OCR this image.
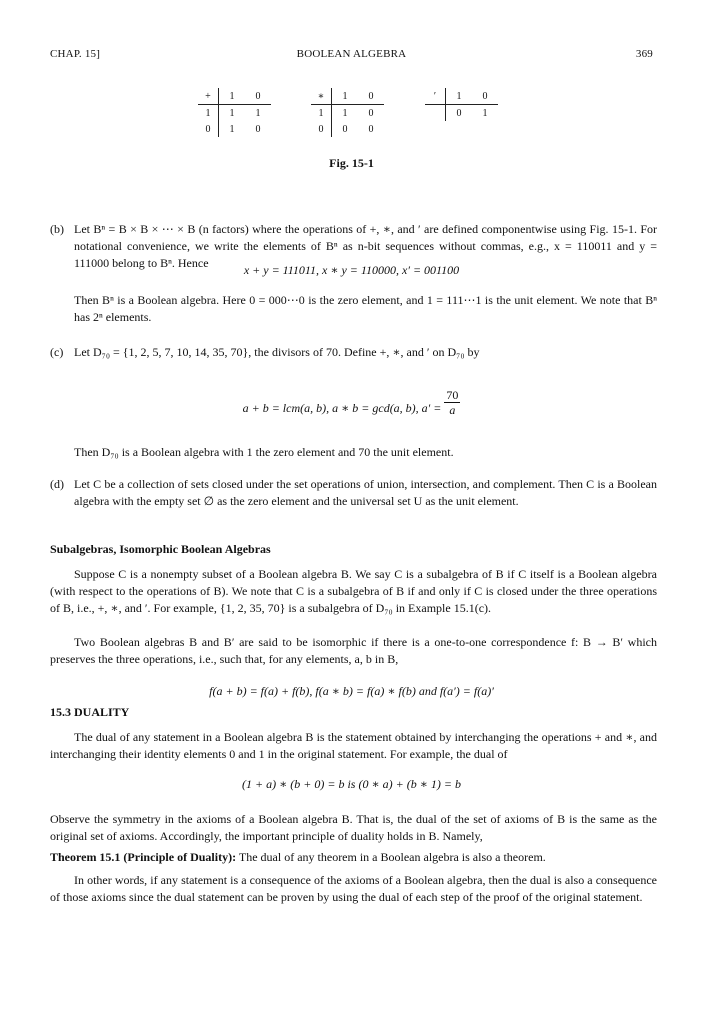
CHAP. 15]	BOOLEAN ALGEBRA	369
+	1	0
1	1	1
0	1	0
∗	1	0
1	1	0
0	0	0
′	1	0
	0	1
Fig. 15-1
(b) Let Bⁿ = B × B × ⋯ × B (n factors) where the operations of +, ∗, and ′ are defined componentwise using Fig. 15-1. For notational convenience, we write the elements of Bⁿ as n-bit sequences without commas, e.g., x = 110011 and y = 111000 belong to Bⁿ. Hence	x + y = 111011, x ∗ y = 110000, x′ = 001100
Then Bⁿ is a Boolean algebra. Here 0 = 000⋯0 is the zero element, and 1 = 111⋯1 is the unit element. We note that Bⁿ has 2ⁿ elements.
(c) Let D₇₀ = {1, 2, 5, 7, 10, 14, 35, 70}, the divisors of 70. Define +, ∗, and ′ on D₇₀ by
a + b = lcm(a, b), a ∗ b = gcd(a, b), $a' = \frac{70}{a}$
Then D₇₀ is a Boolean algebra with 1 the zero element and 70 the unit element.
(d) Let C be a collection of sets closed under the set operations of union, intersection, and complement. Then C is a Boolean algebra with the empty set ∅ as the zero element and the universal set U as the unit element.
Subalgebras, Isomorphic Boolean Algebras
Suppose C is a nonempty subset of a Boolean algebra B. We say C is a subalgebra of B if C itself is a Boolean algebra (with respect to the operations of B). We note that C is a subalgebra of B if and only if C is closed under the three operations of B, i.e., +, ∗, and ′. For example, {1, 2, 35, 70} is a subalgebra of D₇₀ in Example 15.1(c).
Two Boolean algebras B and B′ are said to be isomorphic if there is a one-to-one correspondence f: B → B′ which preserves the three operations, i.e., such that, for any elements, a, b in B,
f(a + b) = f(a) + f(b), f(a ∗ b) = f(a) ∗ f(b) and f(a′) = f(a)′
15.3 DUALITY
The dual of any statement in a Boolean algebra B is the statement obtained by interchanging the operations + and ∗, and interchanging their identity elements 0 and 1 in the original statement. For example, the dual of
(1 + a) ∗ (b + 0) = b is (0 ∗ a) + (b ∗ 1) = b
Observe the symmetry in the axioms of a Boolean algebra B. That is, the dual of the set of axioms of B is the same as the original set of axioms. Accordingly, the important principle of duality holds in B. Namely,
Theorem 15.1 (Principle of Duality): The dual of any theorem in a Boolean algebra is also a theorem.
In other words, if any statement is a consequence of the axioms of a Boolean algebra, then the dual is also a consequence of those axioms since the dual statement can be proven by using the dual of each step of the proof of the original statement.
